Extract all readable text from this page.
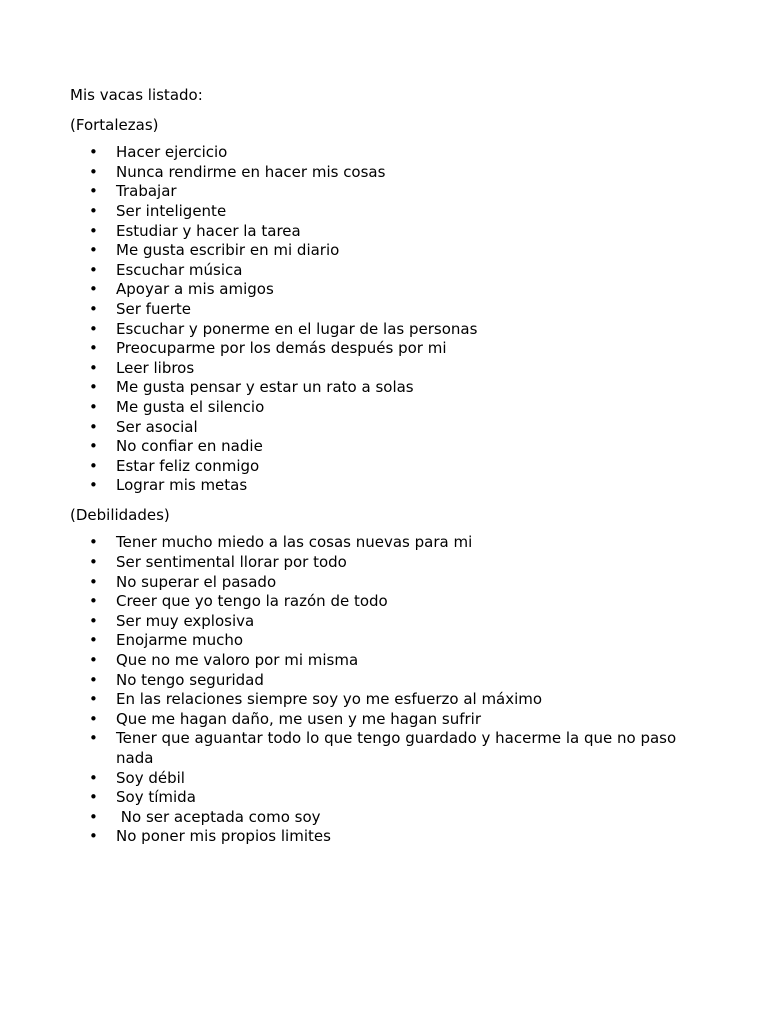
Mis vacas listado:

(Fortalezas)

•	Hacer ejercicio
•	Nunca rendirme en hacer mis cosas
•	Trabajar
•	Ser inteligente
•	Estudiar y hacer la tarea
•	Me gusta escribir en mi diario
•	Escuchar música
•	Apoyar a mis amigos
•	Ser fuerte
•	Escuchar y ponerme en el lugar de las personas
•	Preocuparme por los demás después por mi
•	Leer libros
•	Me gusta pensar y estar un rato a solas
•	Me gusta el silencio
•	Ser asocial
•	No confiar en nadie
•	Estar feliz conmigo
•	Lograr mis metas

(Debilidades)

•	Tener mucho miedo a las cosas nuevas para mi
•	Ser sentimental llorar por todo
•	No superar el pasado
•	Creer que yo tengo la razón de todo
•	Ser muy explosiva
•	Enojarme mucho
•	Que no me valoro por mi misma
•	No tengo seguridad
•	En las relaciones siempre soy yo me esfuerzo al máximo
•	Que me hagan daño, me usen y me hagan sufrir
•	Tener que aguantar todo lo que tengo guardado y hacerme la que no paso nada
•	Soy débil
•	Soy tímida
•	No ser aceptada como soy
•	No poner mis propios limites
